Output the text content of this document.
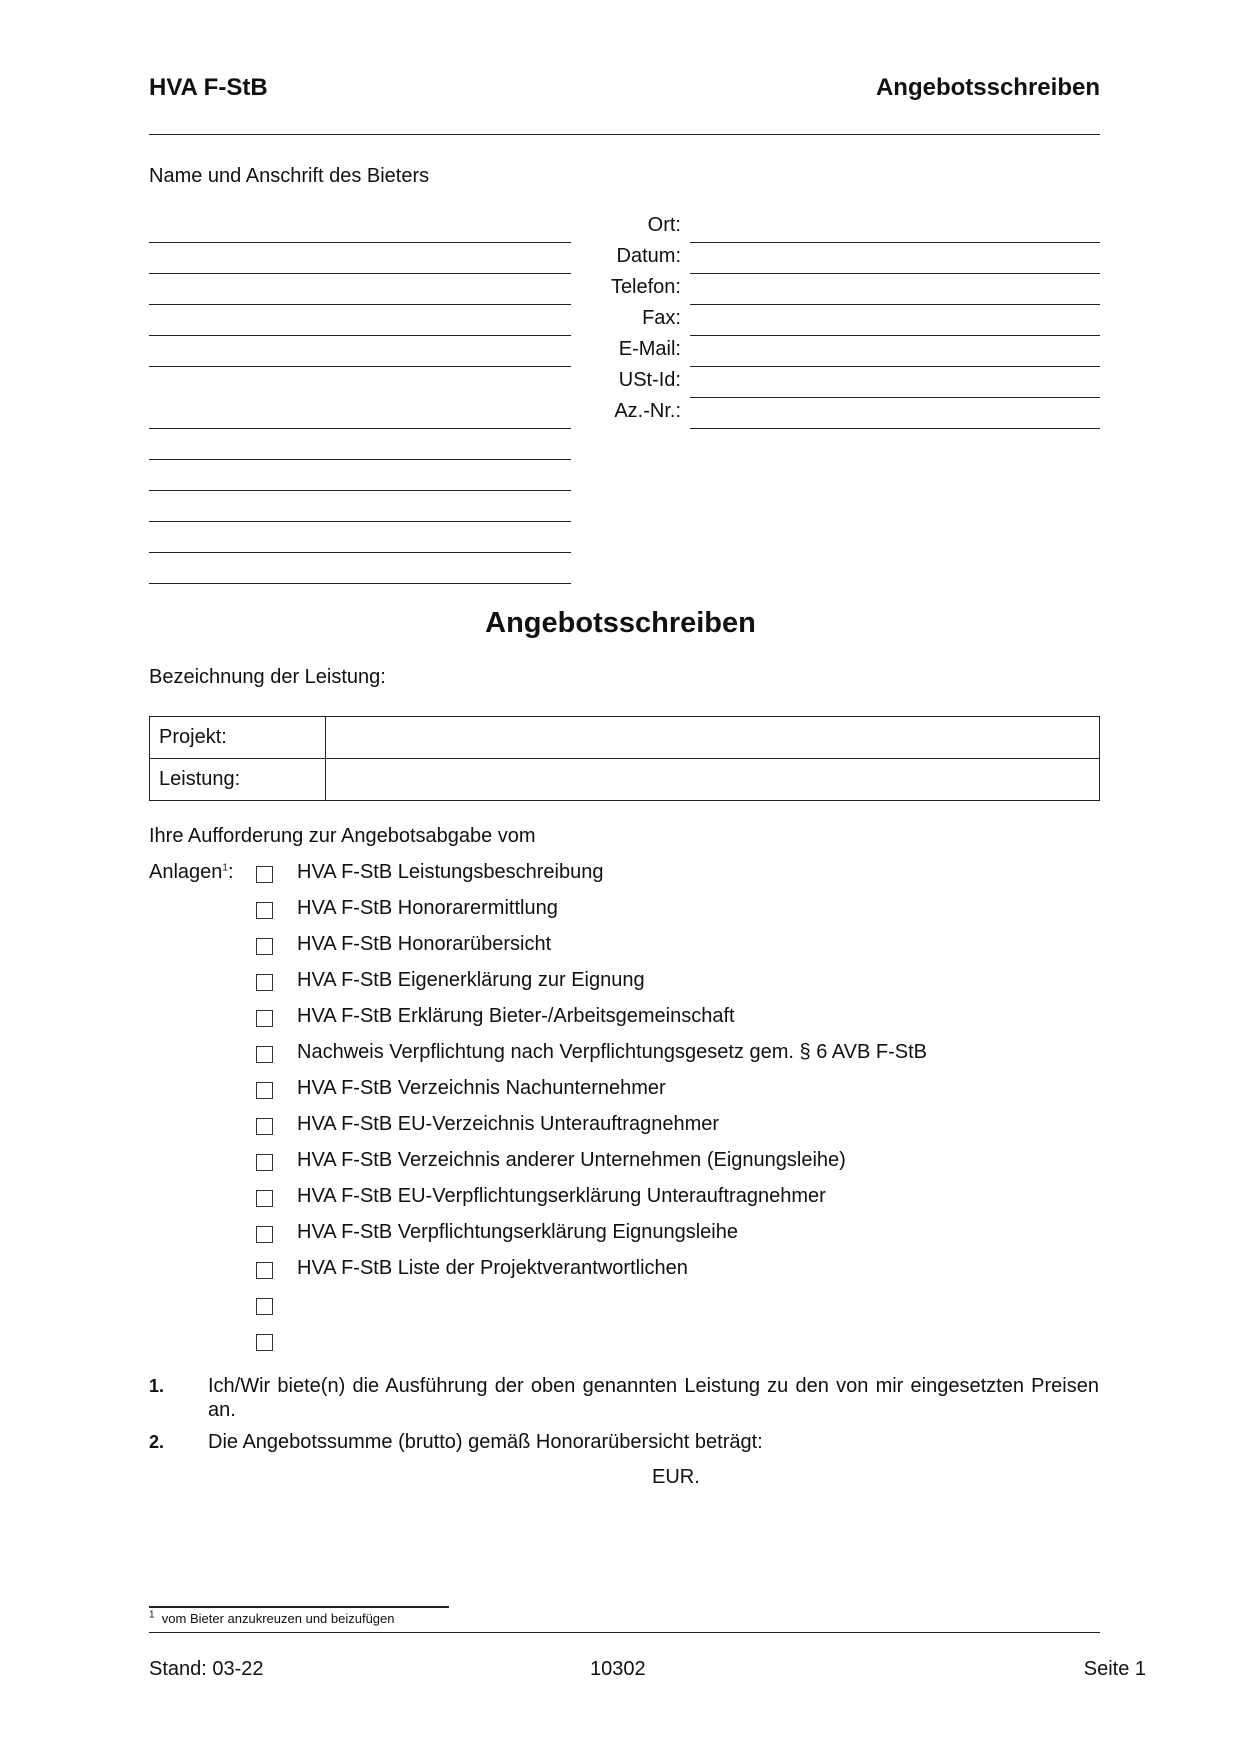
HVA F-StB	Angebotsschreiben
Name und Anschrift des Bieters
Ort:
Datum:
Telefon:
Fax:
E-Mail:
USt-Id:
Az.-Nr.:
Angebotsschreiben
Bezeichnung der Leistung:
Projekt:	
Leistung:	
Ihre Aufforderung zur Angebotsabgabe vom
Anlagen$^1$:	HVA F-StB Leistungsbeschreibung
HVA F-StB Honorarermittlung
HVA F-StB Honorarübersicht
HVA F-StB Eigenerklärung zur Eignung
HVA F-StB Erklärung Bieter-/Arbeitsgemeinschaft
Nachweis Verpflichtung nach Verpflichtungsgesetz gem. § 6 AVB F-StB
HVA F-StB Verzeichnis Nachunternehmer
HVA F-StB EU-Verzeichnis Unterauftragnehmer
HVA F-StB Verzeichnis anderer Unternehmen (Eignungsleihe)
HVA F-StB EU-Verpflichtungserklärung Unterauftragnehmer
HVA F-StB Verpflichtungserklärung Eignungsleihe
HVA F-StB Liste der Projektverantwortlichen
1. Ich/Wir biete(n) die Ausführung der oben genannten Leistung zu den von mir eingesetzten Preisen an.
2. Die Angebotssumme (brutto) gemäß Honorarübersicht beträgt:
EUR.
$^1$ vom Bieter anzukreuzen und beizufügen
Stand: 03-22	10302	Seite 1
